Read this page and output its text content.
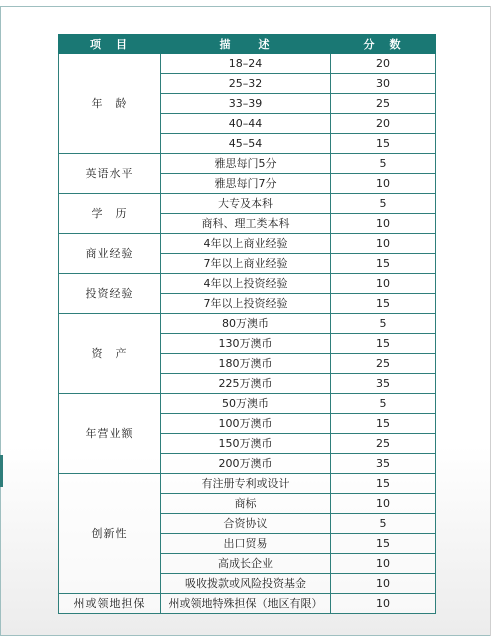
项　目	描　　述	分　数
年　龄	18–24	20
	25–32	30
	33–39	25
	40–44	20
	45–54	15
英语水平	雅思每门5分	5
	雅思每门7分	10
学　历	大专及本科	5
	商科、理工类本科	10
商业经验	4年以上商业经验	10
	7年以上商业经验	15
投资经验	4年以上投资经验	10
	7年以上投资经验	15
资　产	80万澳币	5
	130万澳币	15
	180万澳币	25
	225万澳币	35
年营业额	50万澳币	5
	100万澳币	15
	150万澳币	25
	200万澳币	35
创新性	有注册专利或设计	15
	商标	10
	合资协议	5
	出口贸易	15
	高成长企业	10
	吸收拨款或风险投资基金	10
州或领地担保	州或领地特殊担保（地区有限）	10
